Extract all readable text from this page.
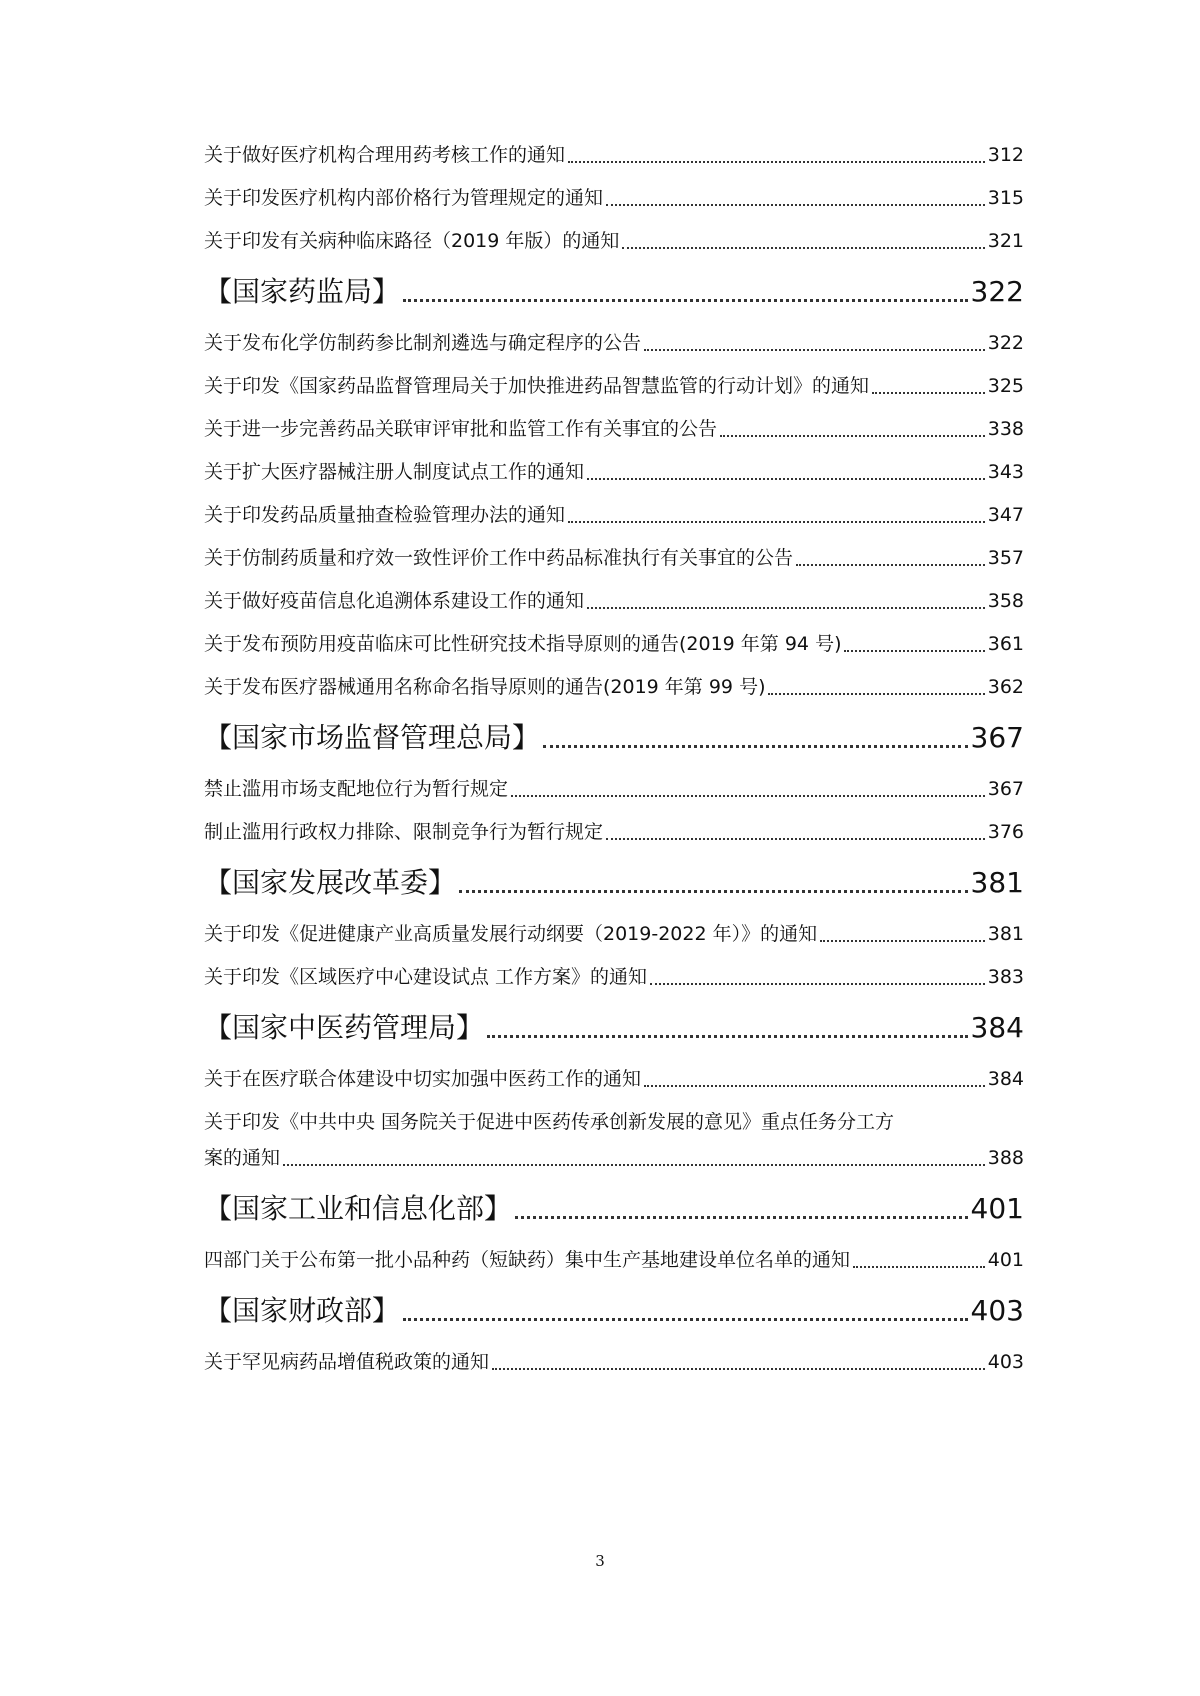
关于做好医疗机构合理用药考核工作的通知	312
关于印发医疗机构内部价格行为管理规定的通知	315
关于印发有关病种临床路径（2019 年版）的通知	321
【国家药监局】	322
关于发布化学仿制药参比制剂遴选与确定程序的公告	322
关于印发《国家药品监督管理局关于加快推进药品智慧监管的行动计划》的通知	325
关于进一步完善药品关联审评审批和监管工作有关事宜的公告	338
关于扩大医疗器械注册人制度试点工作的通知	343
关于印发药品质量抽查检验管理办法的通知	347
关于仿制药质量和疗效一致性评价工作中药品标准执行有关事宜的公告	357
关于做好疫苗信息化追溯体系建设工作的通知	358
关于发布预防用疫苗临床可比性研究技术指导原则的通告(2019 年第 94 号)	361
关于发布医疗器械通用名称命名指导原则的通告(2019 年第 99 号)	362
【国家市场监督管理总局】	367
禁止滥用市场支配地位行为暂行规定	367
制止滥用行政权力排除、限制竞争行为暂行规定	376
【国家发展改革委】	381
关于印发《促进健康产业高质量发展行动纲要（2019-2022 年）》的通知	381
关于印发《区域医疗中心建设试点 工作方案》的通知	383
【国家中医药管理局】	384
关于在医疗联合体建设中切实加强中医药工作的通知	384
关于印发《中共中央 国务院关于促进中医药传承创新发展的意见》重点任务分工方
案的通知	388
【国家工业和信息化部】	401
四部门关于公布第一批小品种药（短缺药）集中生产基地建设单位名单的通知	401
【国家财政部】	403
关于罕见病药品增值税政策的通知	403
3
